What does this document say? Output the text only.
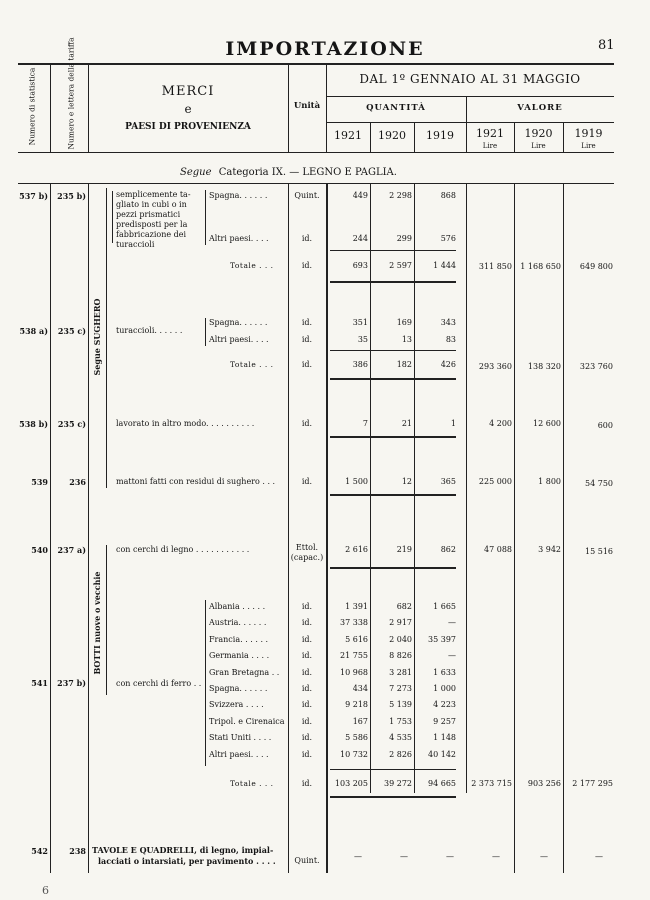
IMPORTAZIONE	81
Numero di statistica	Numero e lettera della tariffa	MERCI
e
PAESI DI PROVENIENZA
Unità
DAL 1º GENNAIO AL 31 MAGGIO
QUANTITÀ	VALORE
1921	1920	1919	1921	1920	1919
Lire	Lire	Lire
Segue Categoria IX. — LEGNO E PAGLIA.
Segue SUGHERO
BOTTI nuove o vecchie
537 b)	235 b)	semplicemente ta-
gliato in cubi o in
pezzi prismatici
predisposti per la
fabbricazione dei
turaccioli
Spagna. . . . . .	Quint.	449	2 298	868
Altri paesi. . . .	id.	244	299	576
Totale . . .	id.	693	2 597	1 444	311 850	1 168 650	649 800
538 a)	235 c)	turaccioli. . . . . .
Spagna. . . . . .	id.	351	169	343
Altri paesi. . . .	id.	35	13	83
Totale . . .	id.	386	182	426	293 360	138 320	323 760
538 b)	235 c)	lavorato in altro modo. . . . . . . . . .	id.	7	21	1	4 200	12 600	600
539	236	mattoni fatti con residui di sughero . . .	id.	1 500	12	365	225 000	1 800	54 750
540	237 a)	con cerchi di legno . . . . . . . . . . .	Ettol.
(capac.)
2 616	219	862	47 088	3 942	15 516
541	237 b)	con cerchi di ferro . .
Albania . . . . .	id.	1 391	682	1 665
Austria. . . . . .	id.	37 338	2 917	—
Francia. . . . . .	id.	5 616	2 040	35 397
Germania . . . .	id.	21 755	8 826	—
Gran Bretagna . .	id.	10 968	3 281	1 633
Spagna. . . . . .	id.	434	7 273	1 000
Svizzera . . . .	id.	9 218	5 139	4 223
Tripol. e Cirenaica	id.	167	1 753	9 257
Stati Uniti . . . .	id.	5 586	4 535	1 148
Altri paesi. . . .	id.	10 732	2 826	40 142
Totale . . .	id.	103 205	39 272	94 665	2 373 715	903 256	2 177 295
542	238 TAVOLE E QUADRELLI, di legno, impial-
lacciati o intarsiati, per pavimento . . . .	Quint.	—	—	—	—	—	—
6
